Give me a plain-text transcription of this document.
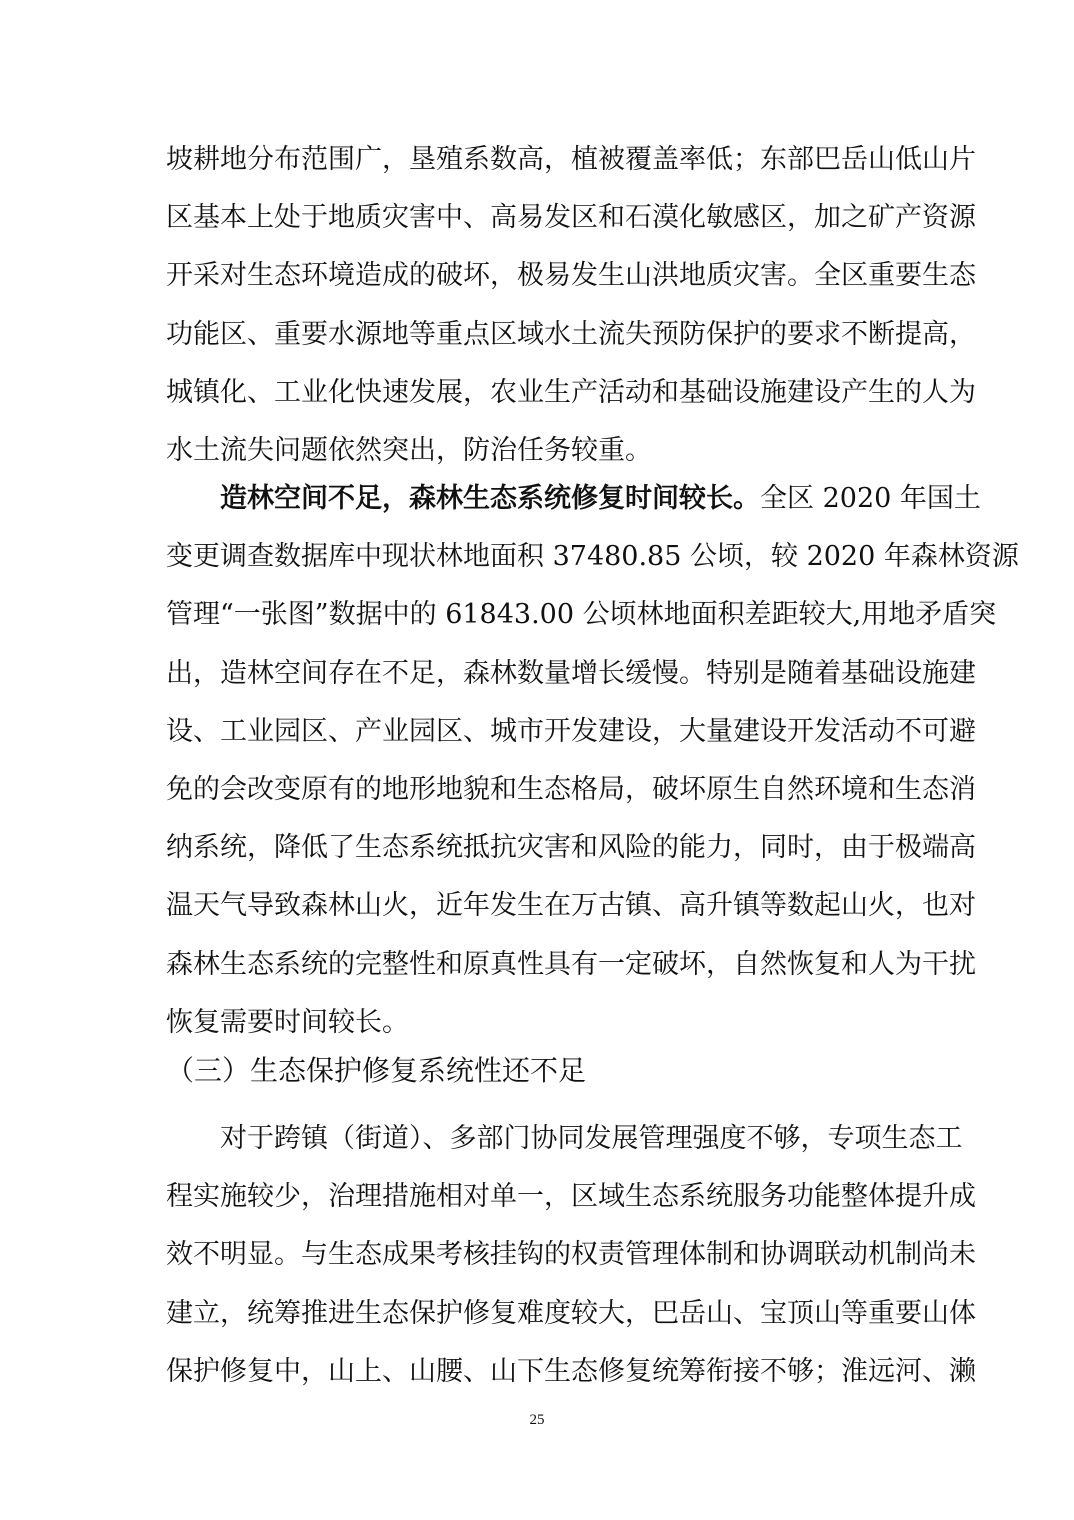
坡耕地分布范围广，垦殖系数高，植被覆盖率低；东部巴岳山低山片
区基本上处于地质灾害中、高易发区和石漠化敏感区，加之矿产资源
开采对生态环境造成的破坏，极易发生山洪地质灾害。全区重要生态
功能区、重要水源地等重点区域水土流失预防保护的要求不断提高，
城镇化、工业化快速发展，农业生产活动和基础设施建设产生的人为
水土流失问题依然突出，防治任务较重。
造林空间不足，森林生态系统修复时间较长。全区 2020 年国土
变更调查数据库中现状林地面积 37480.85 公顷，较 2020 年森林资源
管理“一张图”数据中的 61843.00 公顷林地面积差距较大,用地矛盾突
出，造林空间存在不足，森林数量增长缓慢。特别是随着基础设施建
设、工业园区、产业园区、城市开发建设，大量建设开发活动不可避
免的会改变原有的地形地貌和生态格局，破坏原生自然环境和生态消
纳系统，降低了生态系统抵抗灾害和风险的能力，同时，由于极端高
温天气导致森林山火，近年发生在万古镇、高升镇等数起山火，也对
森林生态系统的完整性和原真性具有一定破坏，自然恢复和人为干扰
恢复需要时间较长。
（三）生态保护修复系统性还不足
对于跨镇（街道）、多部门协同发展管理强度不够，专项生态工
程实施较少，治理措施相对单一，区域生态系统服务功能整体提升成
效不明显。与生态成果考核挂钩的权责管理体制和协调联动机制尚未
建立，统筹推进生态保护修复难度较大，巴岳山、宝顶山等重要山体
保护修复中，山上、山腰、山下生态修复统筹衔接不够；淮远河、濑
25
